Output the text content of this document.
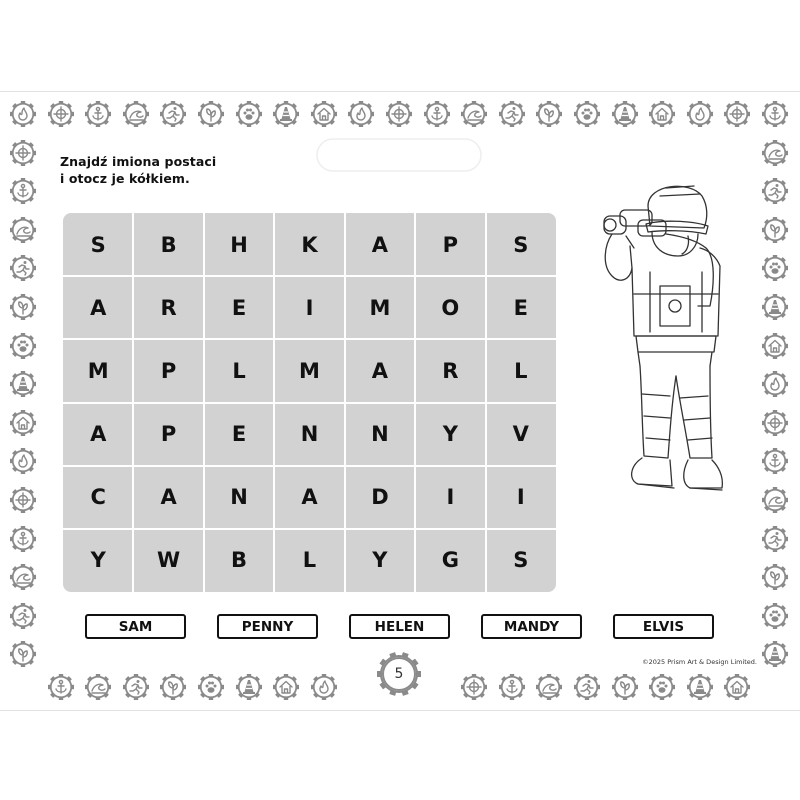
Znajdź imiona postaci
i otocz je kółkiem.
S	B	H	K	A	P	S
A	R	E	I	M	O	E
M	P	L	M	A	R	L
A	P	E	N	N	Y	V
C	A	N	A	D	I	I
Y	W	B	L	Y	G	S
SAM	PENNY	HELEN	MANDY	ELVIS
5
©2025 Prism Art & Design Limited.
